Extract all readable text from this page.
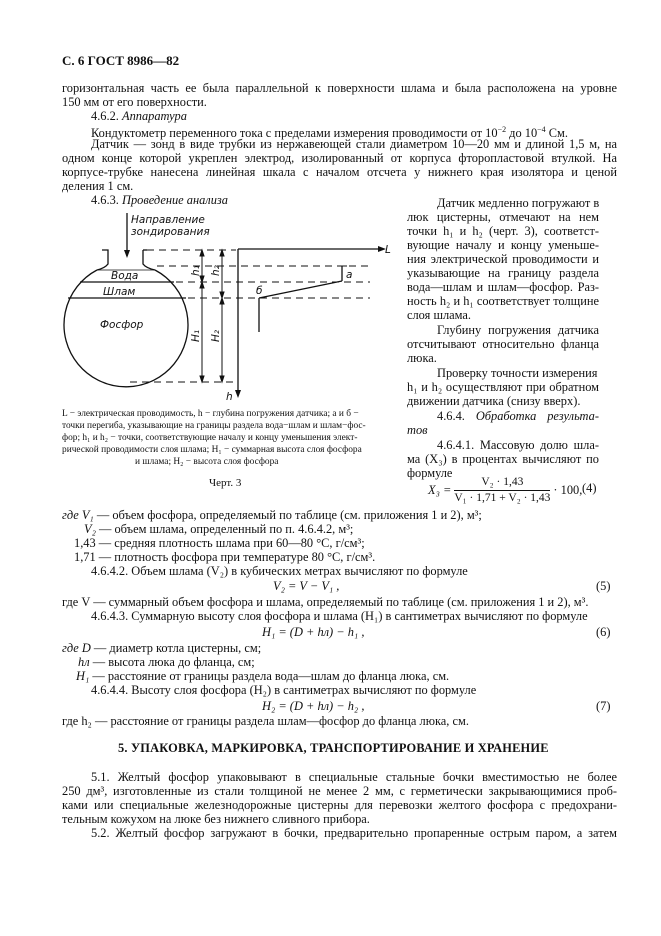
С. 6 ГОСТ 8986—82
горизонтальная часть ее была параллельной к поверхности шлама и была расположена на уровне
150 мм от его поверхности.
4.6.2. Аппаратура
Кондуктометр переменного тока с пределами измерения проводимости от $10^{-2}$ до $10^{-4}$ См.
Датчик — зонд в виде трубки из нержавеющей стали диаметром 10—20 мм и длиной 1,5 м, на
одном конце которой укреплен электрод, изолированный от корпуса фторопластовой втулкой. На
корпусе-трубке нанесена линейная шкала с началом отсчета у нижнего края изолятора и ценой
деления 1 см.
4.6.3. Проведение анализа
Направление
зондирования
Вода
Шлам
Фосфор
h₁ h₂
H₁ H₂
L
h
а
б
L − электрическая проводимость, h − глубина погружения датчика; а и б −
точки перегиба, указывающие на границы раздела вода−шлам и шлам−фос-
фор; h₁ и h₂ − точки, соответствующие началу и концу уменьшения элект-
рической проводимости слоя шлама; H₁ − суммарная высота слоя фосфора
и шлама; H₂ − высота слоя фосфора
Черт. 3
Датчик медленно погружают в
люк цистерны, отмечают на нем
точки h₁ и h₂ (черт. 3), соответст-
вующие началу и концу уменьше-
ния электрической проводимости и
указывающие на границу раздела
вода—шлам и шлам—фосфор. Раз-
ность h₂ и h₁ соответствует толщине
слоя шлама.
Глубину погружения датчика
отсчитывают относительно фланца
люка.
Проверку точности измерения
h₁ и h₂ осуществляют при обратном
движении датчика (снизу вверх).
4.6.4. Обработка результа-
тов
4.6.4.1. Массовую долю шла-
ма (X₃) в процентах вычисляют по
формуле
$X_3 = \frac{\text{V₂ · 1,43}}{\text{V₁ · 1,71 + V₂ · 1,43}} \cdot 100$, (4)
где V₁ — объем фосфора, определяемый по таблице (см. приложения 1 и 2), м³;
V₂ — объем шлама, определенный по п. 4.6.4.2, м³;
1,43 — средняя плотность шлама при 60—80 °С, г/см³;
1,71 — плотность фосфора при температуре 80 °С, г/см³.
4.6.4.2. Объем шлама (V₂) в кубических метрах вычисляют по формуле
V₂ = V − V₁ ,	(5)
где V — суммарный объем фосфора и шлама, определяемый по таблице (см. приложения 1 и 2), м³.
4.6.4.3. Суммарную высоту слоя фосфора и шлама (H₁) в сантиметрах вычисляют по формуле
H₁ = (D + hл) − h₁ ,	(6)
где D — диаметр котла цистерны, см;
hл — высота люка до фланца, см;
H₁ — расстояние от границы раздела вода—шлам до фланца люка, см.
4.6.4.4. Высоту слоя фосфора (H₂) в сантиметрах вычисляют по формуле
H₂ = (D + hл) − h₂ ,	(7)
где h₂ — расстояние от границы раздела шлам—фосфор до фланца люка, см.
5. УПАКОВКА, МАРКИРОВКА, ТРАНСПОРТИРОВАНИЕ И ХРАНЕНИЕ
5.1. Желтый фосфор упаковывают в специальные стальные бочки вместимостью не более
250 дм³, изготовленные из стали толщиной не менее 2 мм, с герметически закрывающимися проб-
ками или специальные железнодорожные цистерны для перевозки желтого фосфора с предохрани-
тельным кожухом на люке без нижнего сливного прибора.
5.2. Желтый фосфор загружают в бочки, предварительно пропаренные острым паром, а затем
